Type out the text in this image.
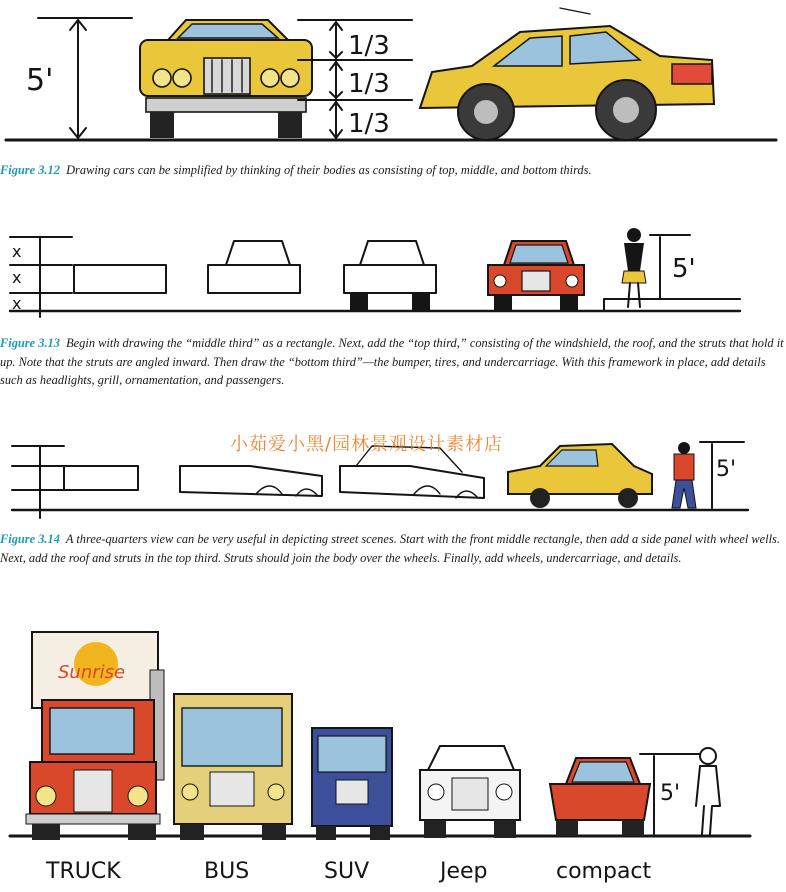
5'
1/3
1/3
1/3

Figure 3.12 Drawing cars can be simplified by thinking of their bodies as consisting of top, middle, and bottom thirds.

x
x
x
5'

Figure 3.13 Begin with drawing the “middle third” as a rectangle. Next, add the “top third,” consisting of the windshield, the roof, and the struts that hold it up. Note that the struts are angled inward. Then draw the “bottom third”—the bumper, tires, and undercarriage. With this framework in place, add details such as headlights, grill, ornamentation, and passengers.

5'
小茹爱小黑/园林景观设计素材店

Figure 3.14 A three-quarters view can be very useful in depicting street scenes. Start with the front middle rectangle, then add a side panel with wheel wells. Next, add the roof and struts in the top third. Struts should join the body over the wheels. Finally, add wheels, undercarriage, and details.

Sunrise
5'
TRUCK	BUS	SUV	Jeep	compact
